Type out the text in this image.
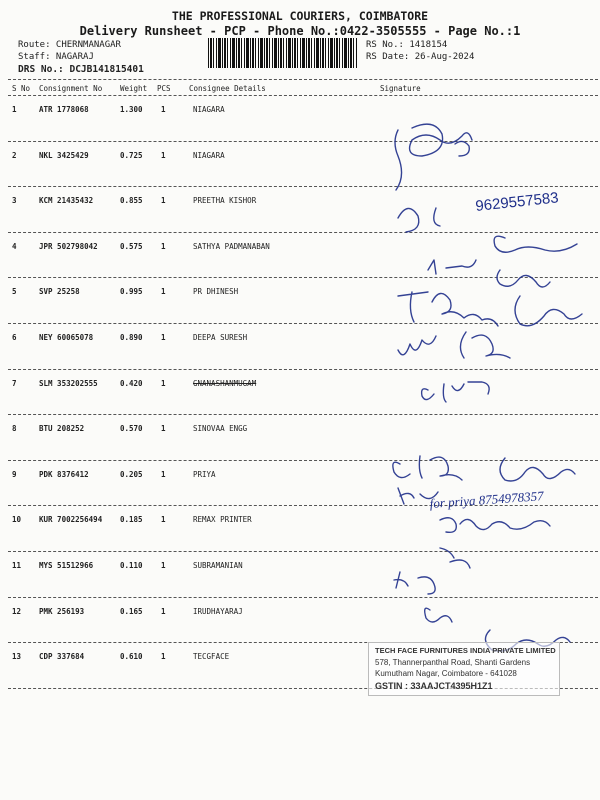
THE PROFESSIONAL COURIERS, COIMBATORE
Delivery Runsheet - PCP - Phone No.:0422-3505555 - Page No.:1
Route: CHERNMANAGAR
Staff: NAGARAJ
DRS No.: DCJB141815401
RS No.: 1418154
RS Date: 26-Aug-2024
S No Consignment No Weight PCS Consignee Details	Signature
1	ATR 1778068	1.300 1	NIAGARA
2	NKL 3425429	0.725 1	NIAGARA
3	KCM 21435432	0.855 1	PREETHA KISHOR
4	JPR 502798042	0.575 1	SATHYA PADMANABAN
5	SVP 25258	0.995 1	PR DHINESH
6	NEY 60065078	0.890 1	DEEPA SURESH
7	SLM 353202555	0.420 1	GNANASHANMUGAM
8	BTU 208252	0.570 1	SINOVAA ENGG
9	PDK 8376412	0.205 1	PRIYA
10 KUR 7002256494 0.185 1	REMAX PRINTER
11 MYS 51512966	0.110 1	SUBRAMANIAN
12 PMK 256193	0.165 1	IRUDHAYARAJ
13 CDP 337684	0.610 1	TECGFACE
9629557583
for priya 8754978357
TECH FACE FURNITURES INDIA PRIVATE LIMITED
578, Thannerpanthal Road, Shanti Gardens
Kumutham Nagar, Coimbatore - 641028
GSTIN : 33AAJCT4395H1Z1
